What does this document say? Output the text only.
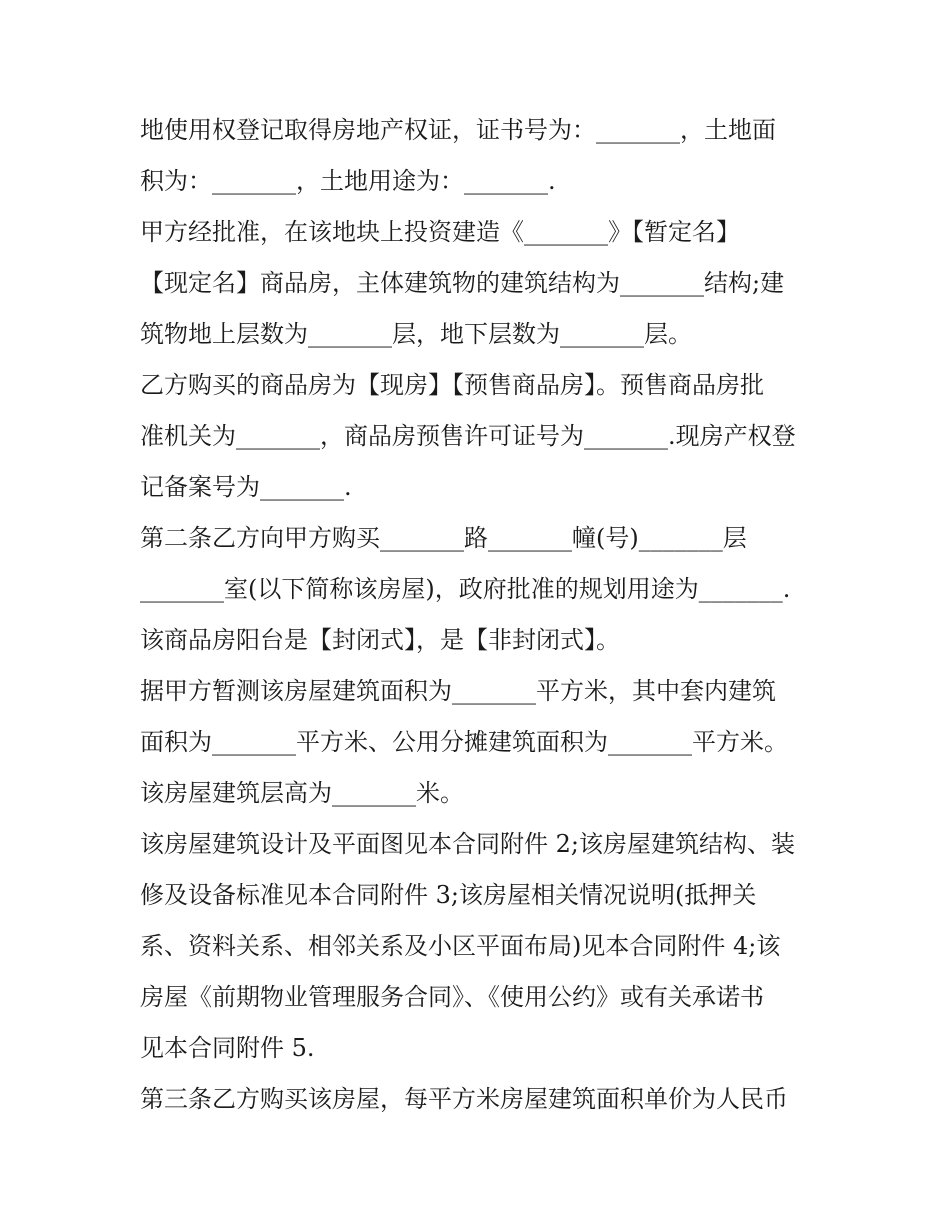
地使用权登记取得房地产权证，证书号为：_______，土地面
积为：_______，土地用途为：_______.
甲方经批准，在该地块上投资建造《_______》【暂定名】
【现定名】商品房，主体建筑物的建筑结构为_______结构;建
筑物地上层数为_______层，地下层数为_______层。
乙方购买的商品房为【现房】【预售商品房】。预售商品房批
准机关为_______，商品房预售许可证号为_______.现房产权登
记备案号为_______.
第二条乙方向甲方购买_______路_______幢(号)_______层
_______室(以下简称该房屋)，政府批准的规划用途为_______.
该商品房阳台是【封闭式】，是【非封闭式】。
据甲方暂测该房屋建筑面积为_______平方米，其中套内建筑
面积为_______平方米、公用分摊建筑面积为_______平方米。
该房屋建筑层高为_______米。
该房屋建筑设计及平面图见本合同附件 2;该房屋建筑结构、装
修及设备标准见本合同附件 3;该房屋相关情况说明(抵押关
系、资料关系、相邻关系及小区平面布局)见本合同附件 4;该
房屋《前期物业管理服务合同》、《使用公约》或有关承诺书
见本合同附件 5.
第三条乙方购买该房屋，每平方米房屋建筑面积单价为人民币
